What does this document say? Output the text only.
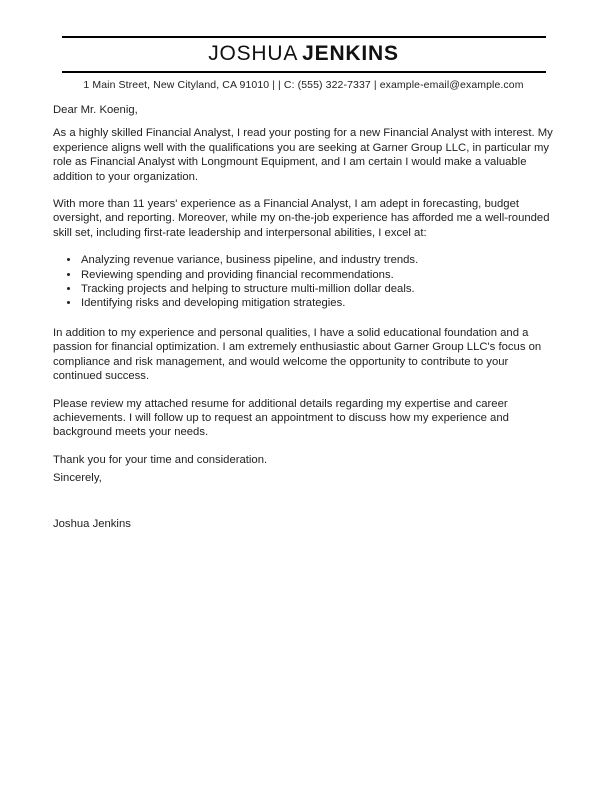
JOSHUA JENKINS
1 Main Street, New Cityland, CA 91010 | | C: (555) 322-7337 | example-email@example.com

Dear Mr. Koenig,

As a highly skilled Financial Analyst, I read your posting for a new Financial Analyst with interest. My experience aligns well with the qualifications you are seeking at Garner Group LLC, in particular my role as Financial Analyst with Longmount Equipment, and I am certain I would make a valuable addition to your organization.

With more than 11 years' experience as a Financial Analyst, I am adept in forecasting, budget oversight, and reporting. Moreover, while my on-the-job experience has afforded me a well-rounded skill set, including first-rate leadership and interpersonal abilities, I excel at:

• Analyzing revenue variance, business pipeline, and industry trends.
• Reviewing spending and providing financial recommendations.
• Tracking projects and helping to structure multi-million dollar deals.
• Identifying risks and developing mitigation strategies.

In addition to my experience and personal qualities, I have a solid educational foundation and a passion for financial optimization. I am extremely enthusiastic about Garner Group LLC's focus on compliance and risk management, and would welcome the opportunity to contribute to your continued success.

Please review my attached resume for additional details regarding my expertise and career achievements. I will follow up to request an appointment to discuss how my experience and background meets your needs.

Thank you for your time and consideration.

Sincerely,

Joshua Jenkins
